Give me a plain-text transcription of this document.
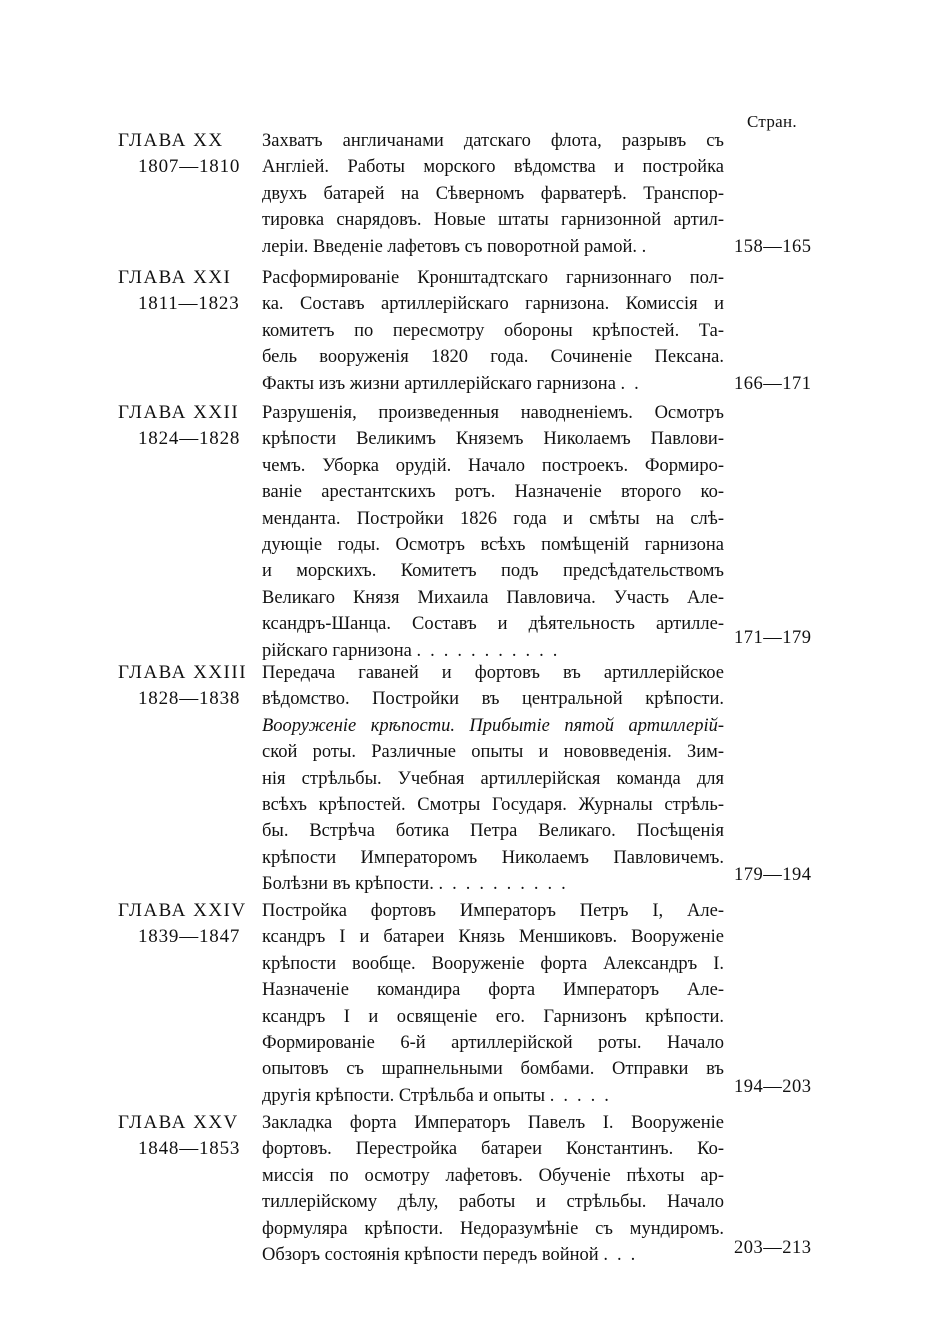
Стран.
ГЛАВА XX
1807—1810
Захватъ англичанами датскаго флота, разрывъ съ
Англiей. Работы морского вѣдомства и постройка
двухъ батарей на Сѣверномъ фарватерѣ. Транспор-
тировка снарядовъ. Новые штаты гарнизонной артил-
лерiи. Введенiе лафетовъ съ поворотной рамой. .	158—165
ГЛАВА XXI
1811—1823
Расформированiе Кронштадтскаго гарнизоннаго пол-
ка. Составъ артиллерiйскаго гарнизона. Комиссiя и
комитетъ по пересмотру обороны крѣпостей. Та-
бель вооруженiя 1820 года. Сочиненiе Пексана.
Факты изъ жизни артиллерiйскаго гарнизона ..	166—171
ГЛАВА XXII
1824—1828
Разрушенiя, произведенныя наводненiемъ. Осмотръ
крѣпости Великимъ Княземъ Николаемъ Павлови-
чемъ. Уборка орудiй. Начало построекъ. Формиро-
ванiе арестантскихъ ротъ. Назначенiе второго ко-
менданта. Постройки 1826 года и смѣты на слѣ-
дующiе годы. Осмотръ всѣхъ помѣщенiй гарнизона
и морскихъ. Комитетъ подъ предсѣдательствомъ
Великаго Князя Михаила Павловича. Участь Але-
ксандръ-Шанца. Составъ и дѣятельность артилле-
рiйскаго гарнизона ...........
171—179
ГЛАВА XXIII
1828—1838
Передача гаваней и фортовъ въ артиллерiйское
вѣдомство. Постройки въ центральной крѣпости.
Вооруженiе крѣпости. Прибытiе пятой артиллерiй-
ской роты. Различные опыты и нововведенiя. Зим-
нiя стрѣльбы. Учебная артиллерiйская команда для
всѣхъ крѣпостей. Смотры Государя. Журналы стрѣль-
бы. Встрѣча ботика Петра Великаго. Посѣщенiя
крѣпости Императоромъ Николаемъ Павловичемъ.
Болѣзни въ крѣпости. ..........	179—194
ГЛАВА XXIV
1839—1847
Постройка фортовъ Императоръ Петръ I, Але-
ксандръ I и батареи Князь Меншиковъ. Вооруженiе
крѣпости вообще. Вооруженiе форта Александръ I.
Назначенiе командира форта Императоръ Але-
ксандръ I и освященiе его. Гарнизонъ крѣпости.
Формированiе 6-й артиллерiйской роты. Начало
опытовъ съ шрапнельными бомбами. Отправки въ
другiя крѣпости. Стрѣльба и опыты .....	194—203
ГЛАВА XXV
1848—1853
Закладка форта Императоръ Павелъ I. Вооруженiе
фортовъ. Перестройка батареи Константинъ. Ко-
миссiя по осмотру лафетовъ. Обученiе пѣхоты ар-
тиллерiйскому дѣлу, работы и стрѣльбы. Начало
формуляра крѣпости. Недоразумѣнiе съ мундиромъ.
Обзоръ состоянiя крѣпости передъ войной ...	203—213
